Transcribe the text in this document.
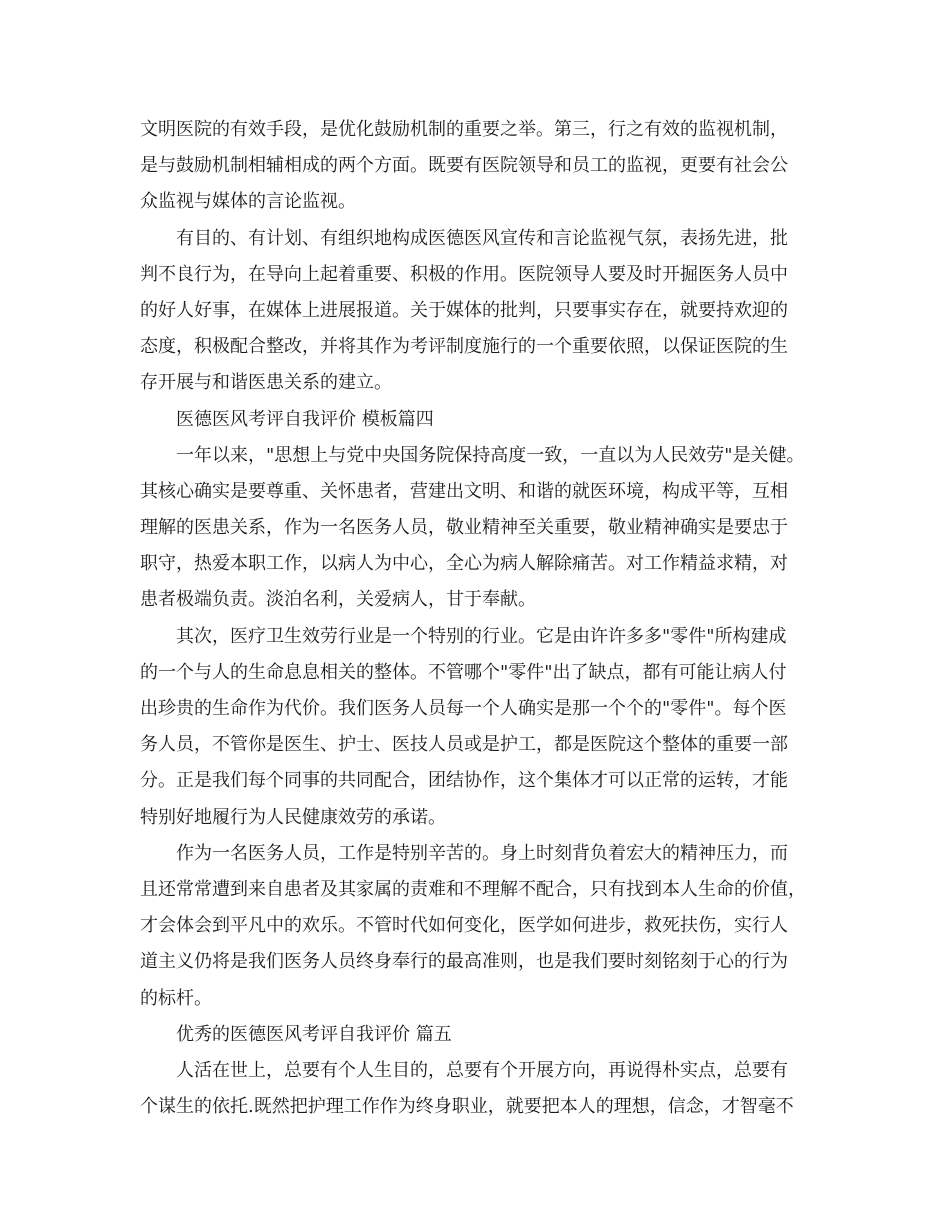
文明医院的有效手段，是优化鼓励机制的重要之举。第三，行之有效的监视机制，
是与鼓励机制相辅相成的两个方面。既要有医院领导和员工的监视，更要有社会公
众监视与媒体的言论监视。
有目的、有计划、有组织地构成医德医风宣传和言论监视气氛，表扬先进，批
判不良行为，在导向上起着重要、积极的作用。医院领导人要及时开掘医务人员中
的好人好事，在媒体上进展报道。关于媒体的批判，只要事实存在，就要持欢迎的
态度，积极配合整改，并将其作为考评制度施行的一个重要依照，以保证医院的生
存开展与和谐医患关系的建立。
医德医风考评自我评价 模板篇四
一年以来，"思想上与党中央国务院保持高度一致，一直以为人民效劳"是关健。
其核心确实是要尊重、关怀患者，营建出文明、和谐的就医环境，构成平等，互相
理解的医患关系，作为一名医务人员，敬业精神至关重要，敬业精神确实是要忠于
职守，热爱本职工作，以病人为中心，全心为病人解除痛苦。对工作精益求精，对
患者极端负责。淡泊名利，关爱病人，甘于奉献。
其次，医疗卫生效劳行业是一个特别的行业。它是由许许多多"零件"所构建成
的一个与人的生命息息相关的整体。不管哪个"零件"出了缺点，都有可能让病人付
出珍贵的生命作为代价。我们医务人员每一个人确实是那一个个的"零件"。每个医
务人员，不管你是医生、护士、医技人员或是护工，都是医院这个整体的重要一部
分。正是我们每个同事的共同配合，团结协作，这个集体才可以正常的运转，才能
特别好地履行为人民健康效劳的承诺。
作为一名医务人员，工作是特别辛苦的。身上时刻背负着宏大的精神压力，而
且还常常遭到来自患者及其家属的责难和不理解不配合，只有找到本人生命的价值，
才会体会到平凡中的欢乐。不管时代如何变化，医学如何进步，救死扶伤，实行人
道主义仍将是我们医务人员终身奉行的最高准则，也是我们要时刻铭刻于心的行为
的标杆。
优秀的医德医风考评自我评价 篇五
人活在世上，总要有个人生目的，总要有个开展方向，再说得朴实点，总要有
个谋生的依托.既然把护理工作作为终身职业，就要把本人的理想，信念，才智毫不
